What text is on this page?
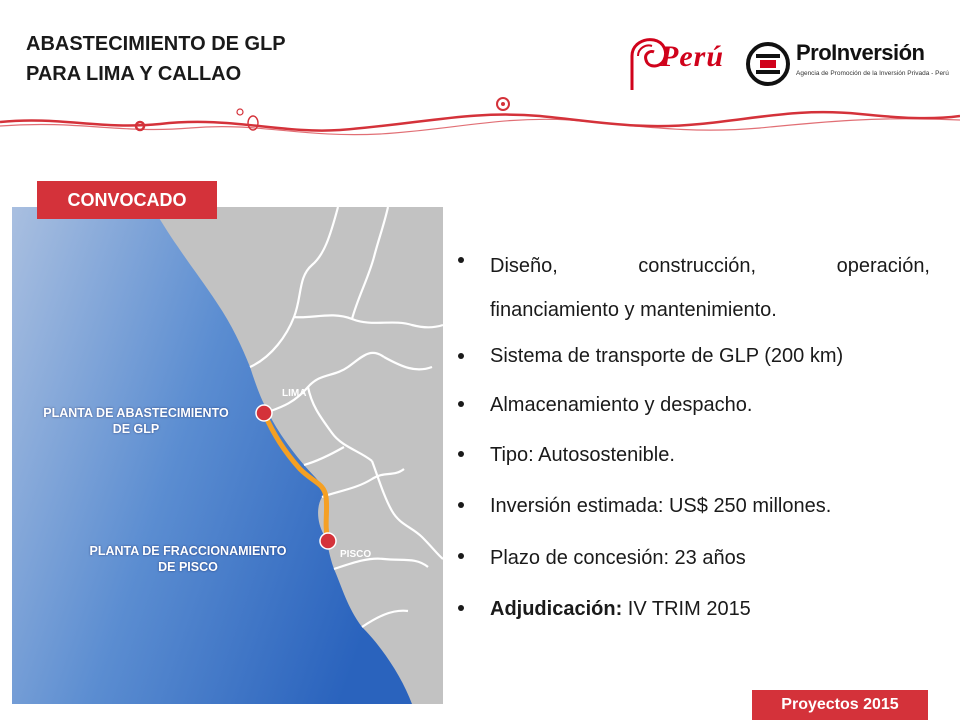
ABASTECIMIENTO DE GLP
PARA LIMA Y CALLAO
Perú	ProInversión
Agencia de Promoción de la Inversión Privada - Perú
PLANTA DE ABASTECIMIENTO
DE GLP
PLANTA DE FRACCIONAMIENTO
DE PISCO
LIMA
PISCO
CONVOCADO
Diseño,	construcción,	operación,
financiamiento y mantenimiento.
Sistema de transporte de GLP (200 km)
Almacenamiento y despacho.
Tipo: Autosostenible.
Inversión estimada: US$ 250 millones.
Plazo de concesión: 23 años
Adjudicación: IV TRIM 2015
Proyectos 2015
